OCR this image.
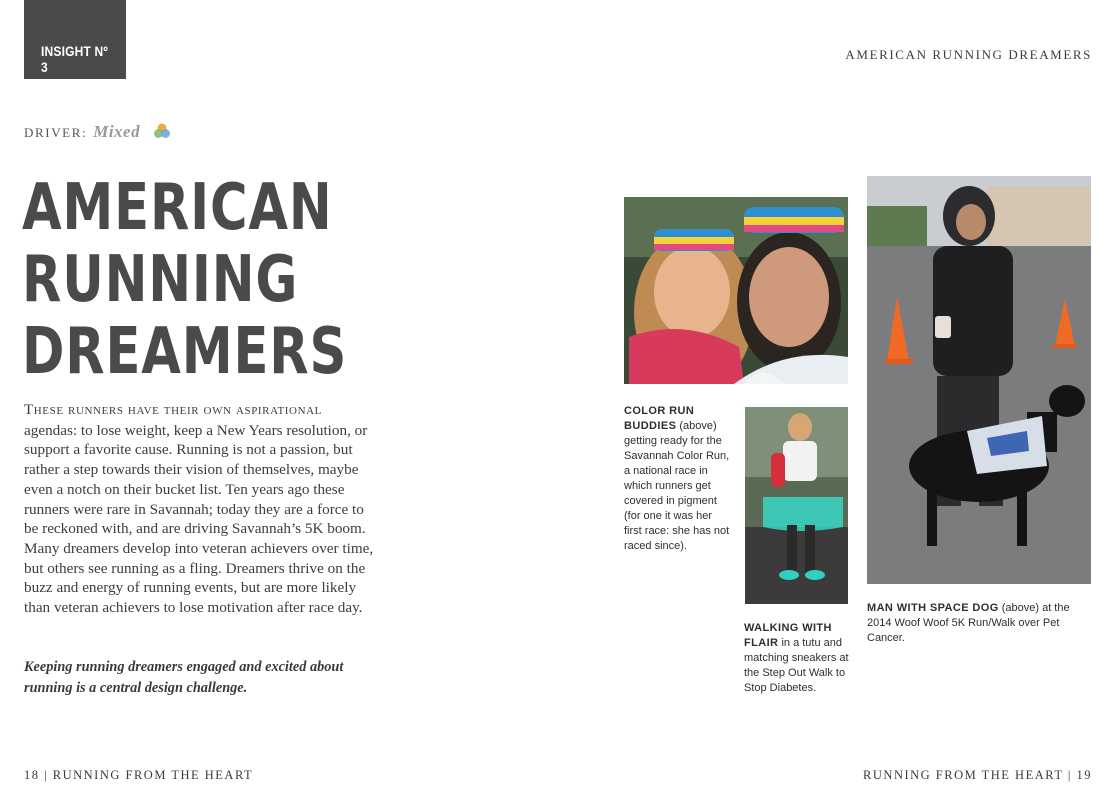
INSIGHT Nº 3
AMERICAN RUNNING DREAMERS
DRIVER: Mixed
AMERICAN
RUNNING
DREAMERS

These runners have their own aspirational agendas: to lose weight, keep a New Years resolution, or support a favorite cause. Running is not a passion, but rather a step towards their vision of themselves, maybe even a notch on their bucket list. Ten years ago these runners were rare in Savannah; today they are a force to be reckoned with, and are driving Savannah’s 5K boom. Many dreamers develop into veteran achievers over time, but others see running as a fling. Dreamers thrive on the buzz and energy of running events, but are more likely than veteran achievers to lose motivation after race day.

Keeping running dreamers engaged and excited about running is a central design challenge.

COLOR RUN BUDDIES (above) getting ready for the Savannah Color Run, a national race in which runners get covered in pigment (for one it was her first race: she has not raced since).
WALKING WITH FLAIR in a tutu and matching sneakers at the Step Out Walk to Stop Diabetes.
MAN WITH SPACE DOG (above) at the 2014 Woof Woof 5K Run/Walk over Pet Cancer.
18 | RUNNING FROM THE HEART	RUNNING FROM THE HEART | 19
